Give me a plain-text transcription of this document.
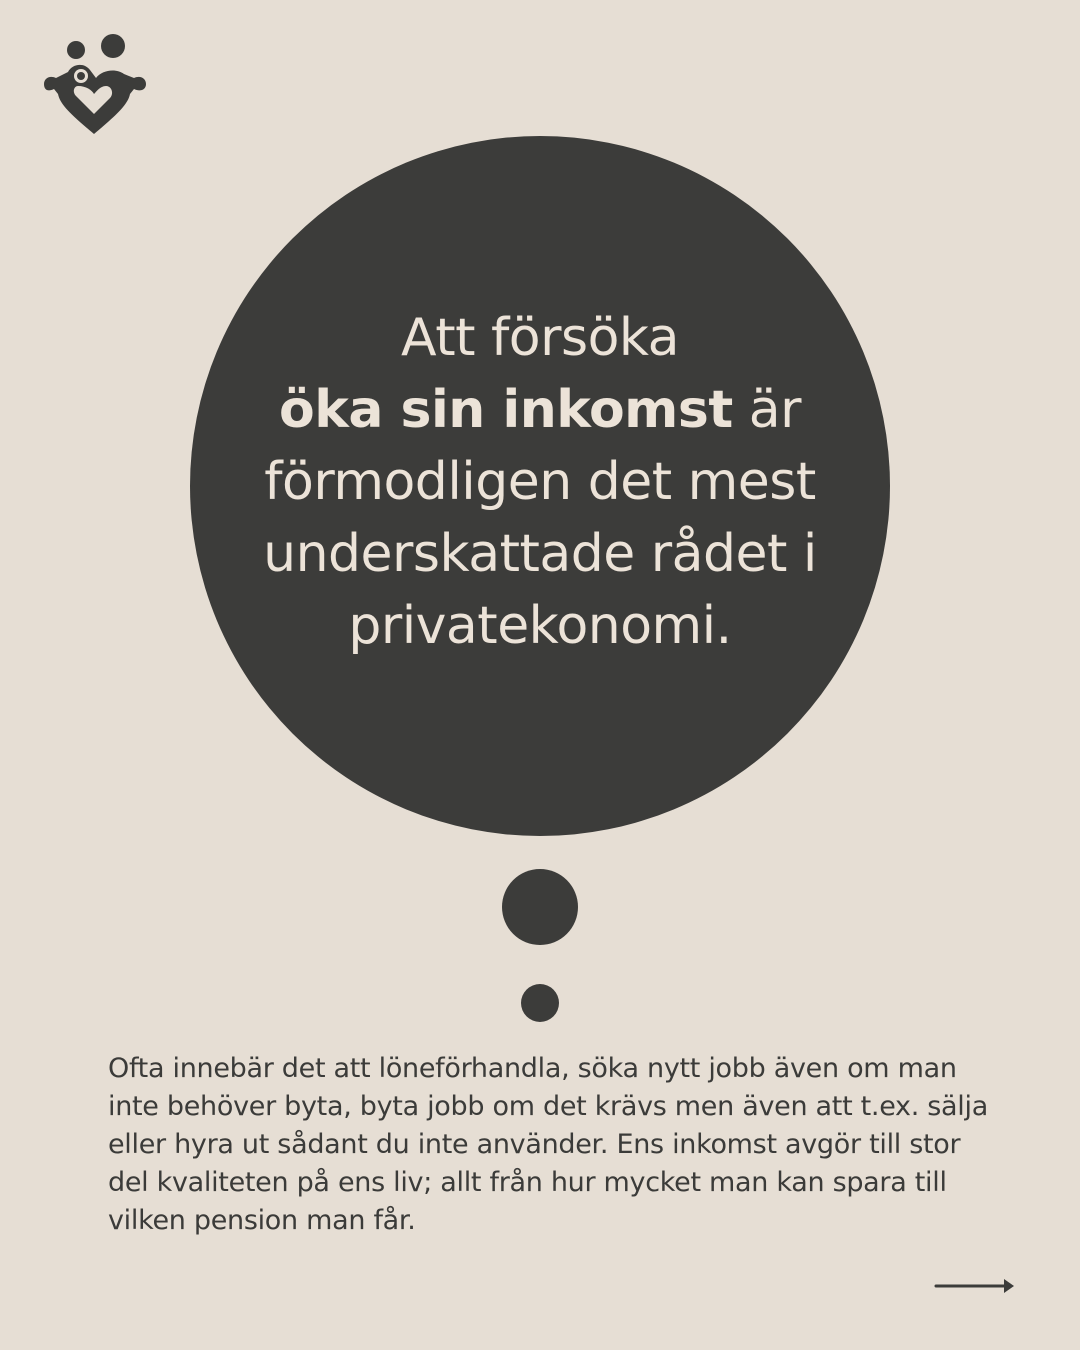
Att försöka
öka sin inkomst är
förmodligen det mest
underskattade rådet i
privatekonomi.
Ofta innebär det att löneförhandla, söka nytt jobb även om man inte behöver byta, byta jobb om det krävs men även att t.ex. sälja eller hyra ut sådant du inte använder. Ens inkomst avgör till stor del kvaliteten på ens liv; allt från hur mycket man kan spara till vilken pension man får.
